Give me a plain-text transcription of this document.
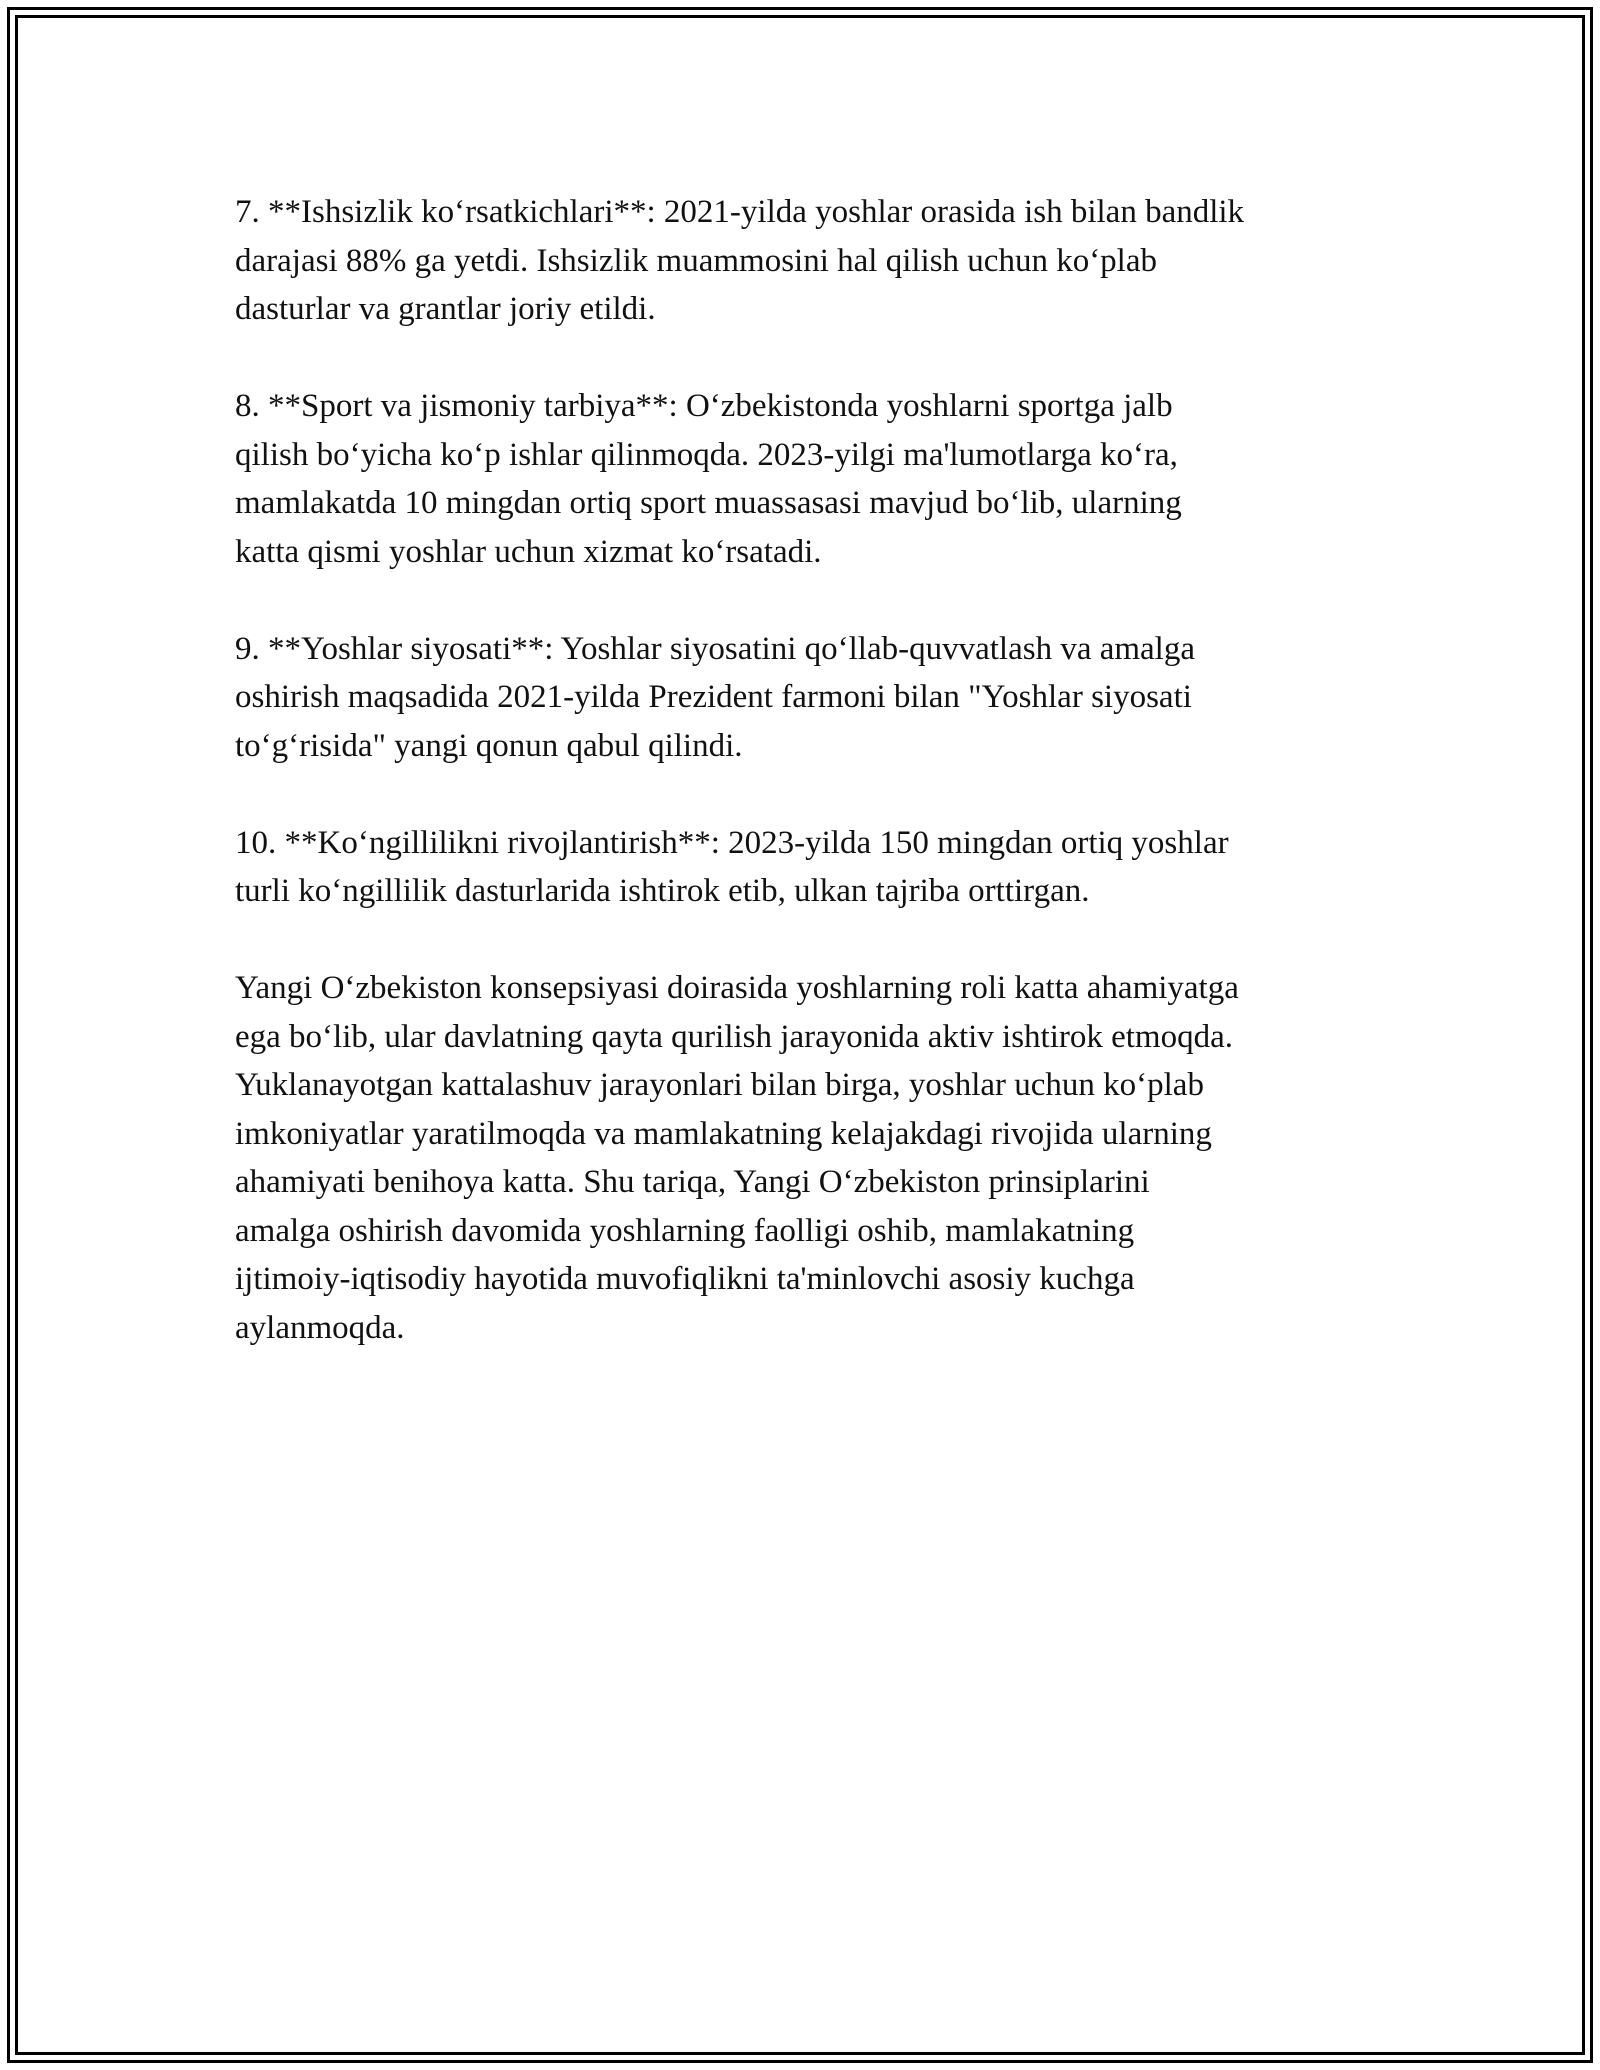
7. **Ishsizlik ko‘rsatkichlari**: 2021-yilda yoshlar orasida ish bilan bandlik
darajasi 88% ga yetdi. Ishsizlik muammosini hal qilish uchun ko‘plab
dasturlar va grantlar joriy etildi.

8. **Sport va jismoniy tarbiya**: O‘zbekistonda yoshlarni sportga jalb
qilish bo‘yicha ko‘p ishlar qilinmoqda. 2023-yilgi ma'lumotlarga ko‘ra,
mamlakatda 10 mingdan ortiq sport muassasasi mavjud bo‘lib, ularning
katta qismi yoshlar uchun xizmat ko‘rsatadi.

9. **Yoshlar siyosati**: Yoshlar siyosatini qo‘llab-quvvatlash va amalga
oshirish maqsadida 2021-yilda Prezident farmoni bilan "Yoshlar siyosati
to‘g‘risida" yangi qonun qabul qilindi.

10. **Ko‘ngillilikni rivojlantirish**: 2023-yilda 150 mingdan ortiq yoshlar
turli ko‘ngillilik dasturlarida ishtirok etib, ulkan tajriba orttirgan.

Yangi O‘zbekiston konsepsiyasi doirasida yoshlarning roli katta ahamiyatga
ega bo‘lib, ular davlatning qayta qurilish jarayonida aktiv ishtirok etmoqda.
Yuklanayotgan kattalashuv jarayonlari bilan birga, yoshlar uchun ko‘plab
imkoniyatlar yaratilmoqda va mamlakatning kelajakdagi rivojida ularning
ahamiyati benihoya katta. Shu tariqa, Yangi O‘zbekiston prinsiplarini
amalga oshirish davomida yoshlarning faolligi oshib, mamlakatning
ijtimoiy-iqtisodiy hayotida muvofiqlikni ta'minlovchi asosiy kuchga
aylanmoqda.
